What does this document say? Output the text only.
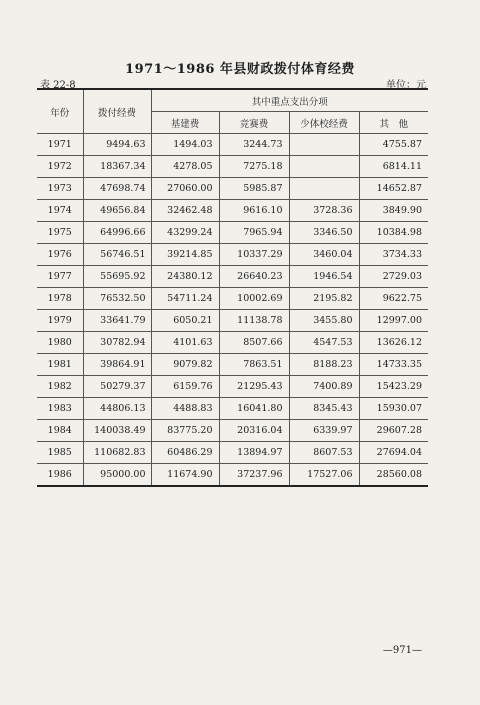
1971～1986 年县财政拨付体育经费
表 22-8	单位：元
年份	拨付经费	其中重点支出分项			
		基建费	竞赛费	少体校经费	其　他
1971	9494.63	1494.03	3244.73		4755.87
1972	18367.34	4278.05	7275.18		6814.11
1973	47698.74	27060.00	5985.87		14652.87
1974	49656.84	32462.48	9616.10	3728.36	3849.90
1975	64996.66	43299.24	7965.94	3346.50	10384.98
1976	56746.51	39214.85	10337.29	3460.04	3734.33
1977	55695.92	24380.12	26640.23	1946.54	2729.03
1978	76532.50	54711.24	10002.69	2195.82	9622.75
1979	33641.79	6050.21	11138.78	3455.80	12997.00
1980	30782.94	4101.63	8507.66	4547.53	13626.12
1981	39864.91	9079.82	7863.51	8188.23	14733.35
1982	50279.37	6159.76	21295.43	7400.89	15423.29
1983	44806.13	4488.83	16041.80	8345.43	15930.07
1984	140038.49	83775.20	20316.04	6339.97	29607.28
1985	110682.83	60486.29	13894.97	8607.53	27694.04
1986	95000.00	11674.90	37237.96	17527.06	28560.08
—971—
